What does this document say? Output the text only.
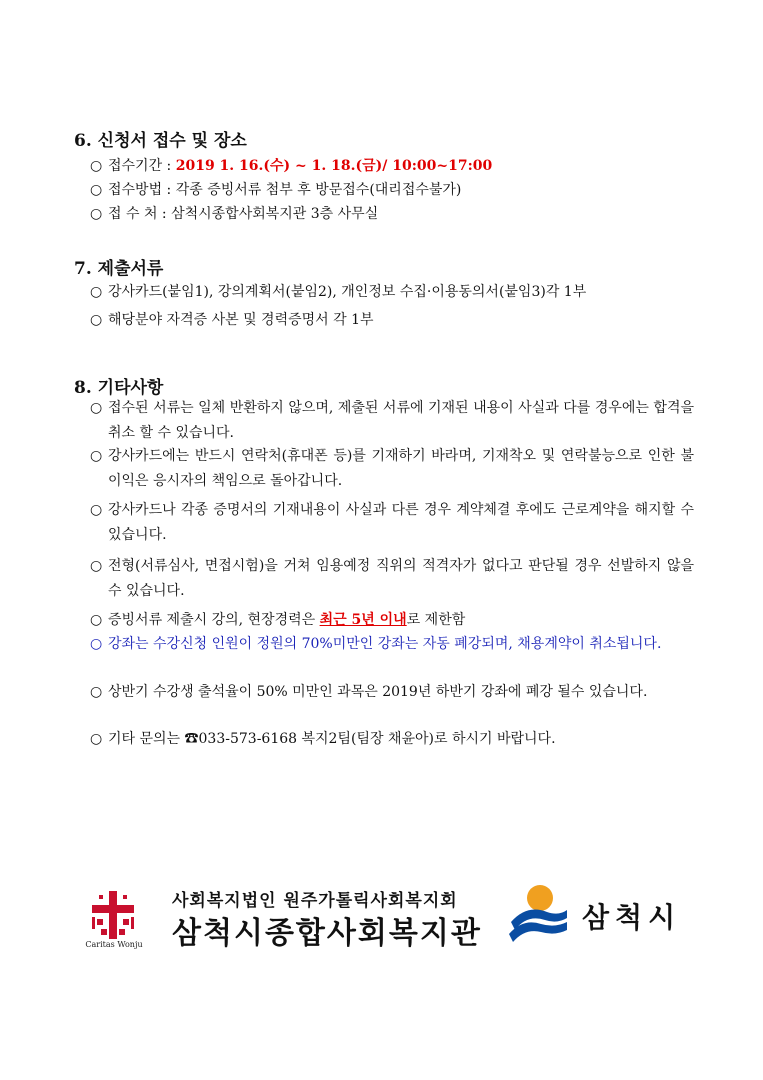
6. 신청서 접수 및 장소
○ 접수기간 : 2019 1. 16.(수) ~ 1. 18.(금)/ 10:00~17:00
○ 접수방법 : 각종 증빙서류 첨부 후 방문접수(대리접수불가)
○ 접 수 처 : 삼척시종합사회복지관 3층 사무실
7. 제출서류
○ 강사카드(붙임1), 강의계획서(붙임2), 개인정보 수집·이용동의서(붙임3)각 1부
○ 해당분야 자격증 사본 및 경력증명서 각 1부
8. 기타사항
○ 접수된 서류는 일체 반환하지 않으며, 제출된 서류에 기재된 내용이 사실과 다를 경우에는 합격을 취소 할 수 있습니다.
○ 강사카드에는 반드시 연락처(휴대폰 등)를 기재하기 바라며, 기재착오 및 연락불능으로 인한 불이익은 응시자의 책임으로 돌아갑니다.
○ 강사카드나 각종 증명서의 기재내용이 사실과 다른 경우 계약체결 후에도 근로계약을 해지할 수 있습니다.
○ 전형(서류심사, 면접시험)을 거쳐 임용예정 직위의 적격자가 없다고 판단될 경우 선발하지 않을 수 있습니다.
○ 증빙서류 제출시 강의, 현장경력은 최근 5년 이내로 제한함
○ 강좌는 수강신청 인원이 정원의 70%미만인 강좌는 자동 폐강되며, 채용계약이 취소됩니다.
○ 상반기 수강생 출석율이 50% 미만인 과목은 2019년 하반기 강좌에 폐강 될수 있습니다.
○ 기타 문의는 ☎033-573-6168 복지2팀(팀장 채윤아)로 하시기 바랍니다.
Caritas Wonju
사회복지법인 원주가톨릭사회복지회
삼척시종합사회복지관	삼척시
